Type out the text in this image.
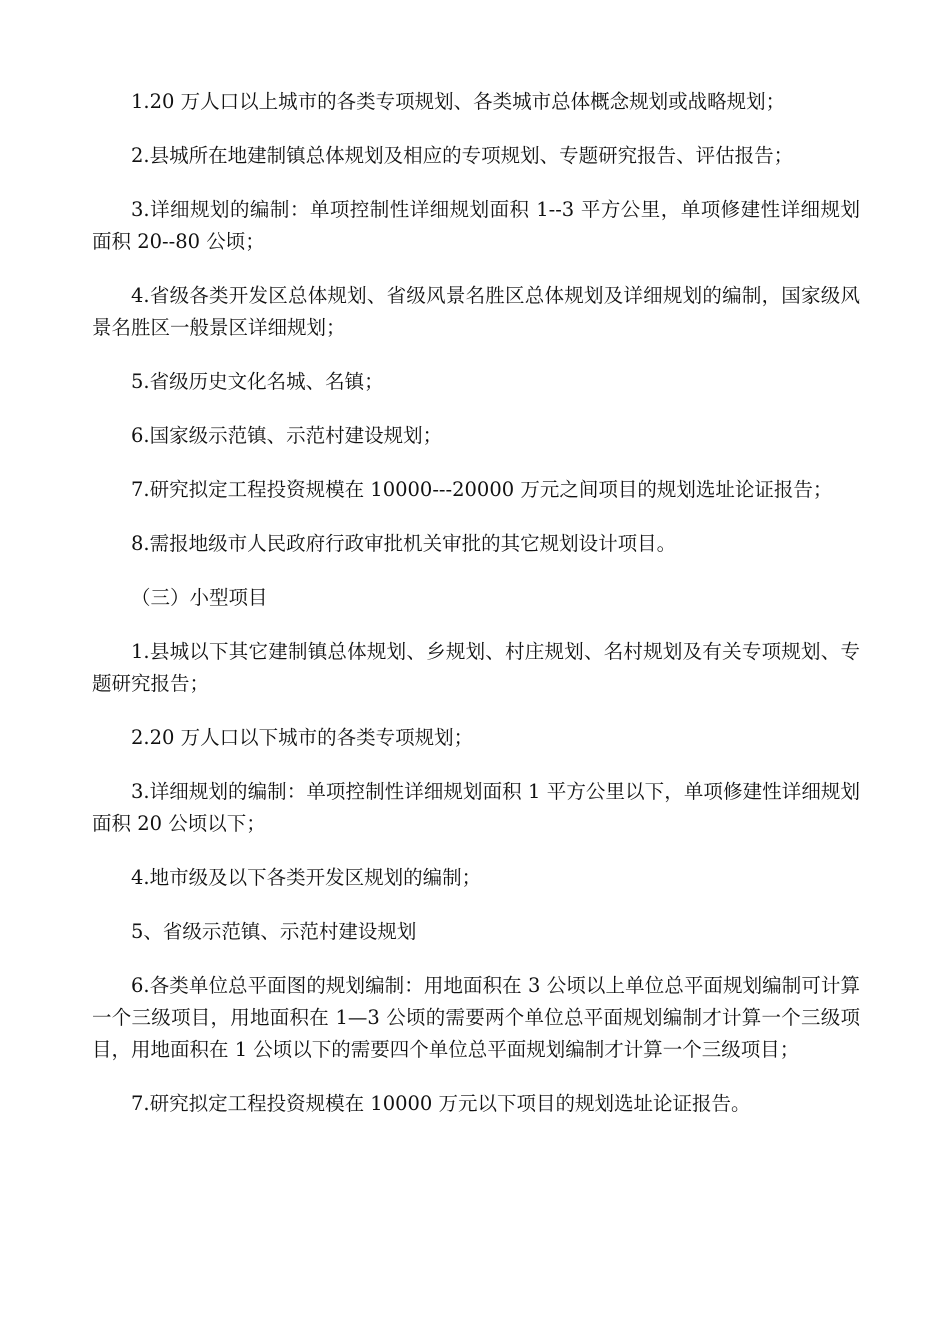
1.20 万人口以上城市的各类专项规划、各类城市总体概念规划或战略规划；

2.县城所在地建制镇总体规划及相应的专项规划、专题研究报告、评估报告；

3.详细规划的编制：单项控制性详细规划面积 1--3 平方公里，单项修建性详细规划面积 20--80 公顷；

4.省级各类开发区总体规划、省级风景名胜区总体规划及详细规划的编制，国家级风景名胜区一般景区详细规划；

5.省级历史文化名城、名镇；

6.国家级示范镇、示范村建设规划；

7.研究拟定工程投资规模在 10000---20000 万元之间项目的规划选址论证报告；

8.需报地级市人民政府行政审批机关审批的其它规划设计项目。

（三）小型项目

1.县城以下其它建制镇总体规划、乡规划、村庄规划、名村规划及有关专项规划、专题研究报告；

2.20 万人口以下城市的各类专项规划；

3.详细规划的编制：单项控制性详细规划面积 1 平方公里以下，单项修建性详细规划面积 20 公顷以下；

4.地市级及以下各类开发区规划的编制；

5、省级示范镇、示范村建设规划

6.各类单位总平面图的规划编制：用地面积在 3 公顷以上单位总平面规划编制可计算一个三级项目，用地面积在 1—3 公顷的需要两个单位总平面规划编制才计算一个三级项目，用地面积在 1 公顷以下的需要四个单位总平面规划编制才计算一个三级项目；

7.研究拟定工程投资规模在 10000 万元以下项目的规划选址论证报告。
